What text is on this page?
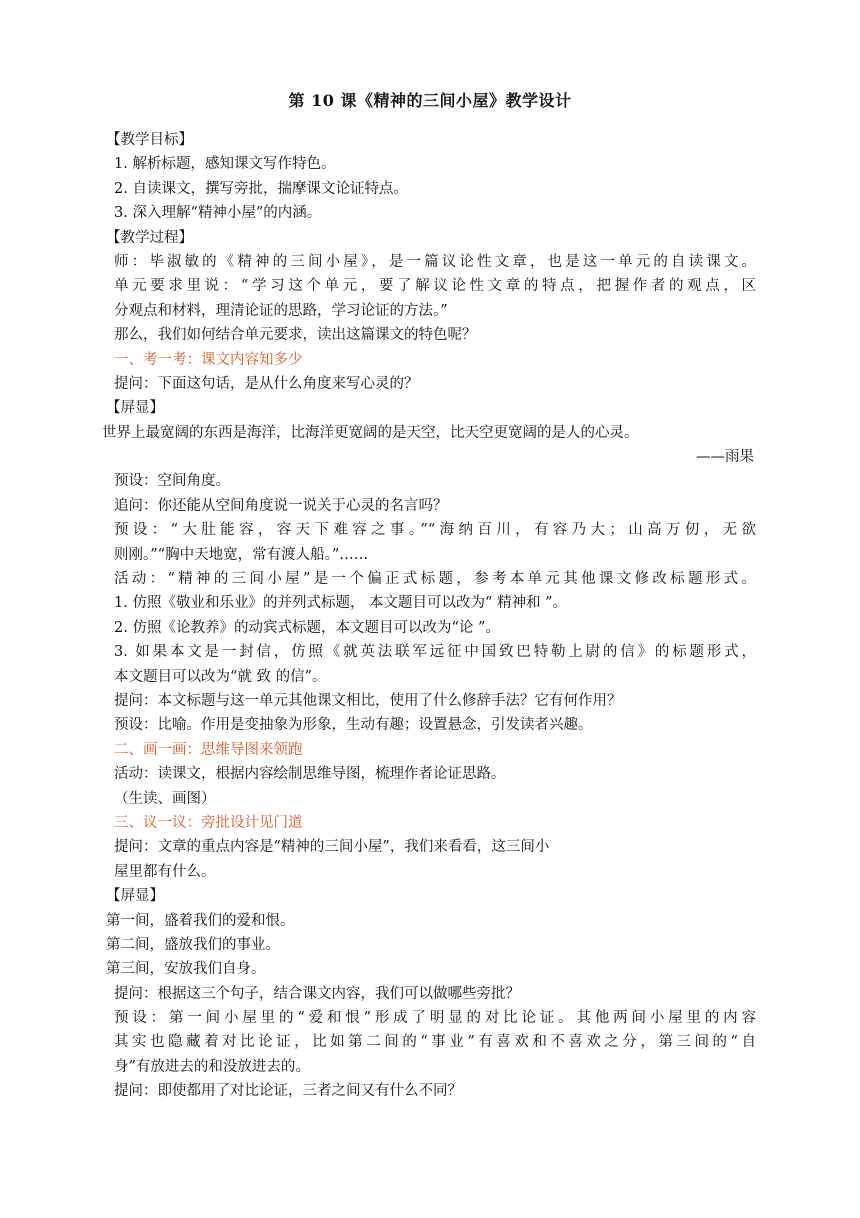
第 10 课《精神的三间小屋》教学设计
【教学目标】
1. 解析标题，感知课文写作特色。
2. 自读课文，撰写旁批，揣摩课文论证特点。
3. 深入理解“精神小屋”的内涵。
【教学过程】
师：毕淑敏的《精神的三间小屋》，是一篇议论性文章，也是这一单元的自读课文。
单元要求里说：“学习这个单元，要了解议论性文章的特点，把握作者的观点，区
分观点和材料，理清论证的思路，学习论证的方法。”
那么，我们如何结合单元要求，读出这篇课文的特色呢？
一、考一考：课文内容知多少
提问：下面这句话，是从什么角度来写心灵的？
【屏显】
世界上最宽阔的东西是海洋，比海洋更宽阔的是天空，比天空更宽阔的是人的心灵。
——雨果
预设：空间角度。
追问：你还能从空间角度说一说关于心灵的名言吗？
预设：“大肚能容，容天下难容之事。”“海纳百川，有容乃大；山高万仞，无欲
则刚。”“胸中天地宽，常有渡人船。”……
活动：“精神的三间小屋”是一个偏正式标题，参考本单元其他课文修改标题形式。
1. 仿照《敬业和乐业》的并列式标题， 本文题目可以改为“ 精神和 ”。
2. 仿照《论教养》的动宾式标题，本文题目可以改为“论 ”。
3. 如果本文是一封信，仿照《就英法联军远征中国致巴特勒上尉的信》的标题形式，
本文题目可以改为“就 致 的信”。
提问：本文标题与这一单元其他课文相比，使用了什么修辞手法？它有何作用？
预设：比喻。作用是变抽象为形象，生动有趣；设置悬念，引发读者兴趣。
二、画一画：思维导图来领跑
活动：读课文，根据内容绘制思维导图，梳理作者论证思路。
（生读、画图）
三、议一议：旁批设计见门道
提问：文章的重点内容是“精神的三间小屋”，我们来看看，这三间小
屋里都有什么。
【屏显】
第一间，盛着我们的爱和恨。
第二间，盛放我们的事业。
第三间，安放我们自身。
提问：根据这三个句子，结合课文内容，我们可以做哪些旁批？
预设：第一间小屋里的“爱和恨”形成了明显的对比论证。其他两间小屋里的内容
其实也隐藏着对比论证，比如第二间的“事业”有喜欢和不喜欢之分，第三间的“自
身”有放进去的和没放进去的。
提问：即使都用了对比论证，三者之间又有什么不同？
